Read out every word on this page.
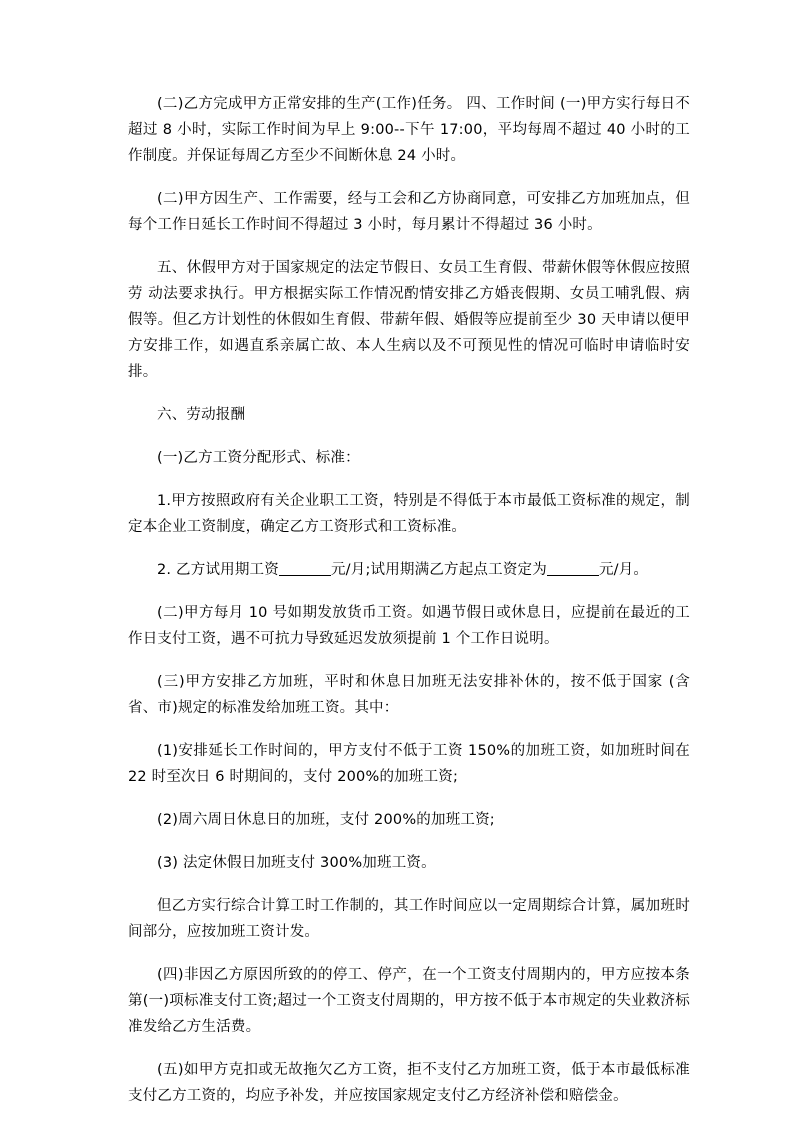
(二)乙方完成甲方正常安排的生产(工作)任务。 四、工作时间 (一)甲方实行每日不超过 8 小时，实际工作时间为早上 9:00--下午 17:00，平均每周不超过 40 小时的工作制度。并保证每周乙方至少不间断休息 24 小时。

(二)甲方因生产、工作需要，经与工会和乙方协商同意，可安排乙方加班加点，但每个工作日延长工作时间不得超过 3 小时，每月累计不得超过 36 小时。

五、休假甲方对于国家规定的法定节假日、女员工生育假、带薪休假等休假应按照劳 动法要求执行。甲方根据实际工作情况酌情安排乙方婚丧假期、女员工哺乳假、病假等。但乙方计划性的休假如生育假、带薪年假、婚假等应提前至少 30 天申请以便甲方安排工作，如遇直系亲属亡故、本人生病以及不可预见性的情况可临时申请临时安排。

六、劳动报酬

(一)乙方工资分配形式、标准：

1.甲方按照政府有关企业职工工资，特别是不得低于本市最低工资标准的规定，制定本企业工资制度，确定乙方工资形式和工资标准。

2. 乙方试用期工资	元/月;试用期满乙方起点工资定为	元/月。

(二)甲方每月 10 号如期发放货币工资。如遇节假日或休息日，应提前在最近的工作日支付工资，遇不可抗力导致延迟发放须提前 1 个工作日说明。

(三)甲方安排乙方加班，平时和休息日加班无法安排补休的，按不低于国家 (含省、市)规定的标准发给加班工资。其中：

(1)安排延长工作时间的，甲方支付不低于工资 150%的加班工资，如加班时间在22 时至次日 6 时期间的，支付 200%的加班工资;

(2)周六周日休息日的加班，支付 200%的加班工资;

(3) 法定休假日加班支付 300%加班工资。

但乙方实行综合计算工时工作制的，其工作时间应以一定周期综合计算，属加班时间部分，应按加班工资计发。

(四)非因乙方原因所致的的停工、停产，在一个工资支付周期内的，甲方应按本条第(一)项标准支付工资;超过一个工资支付周期的，甲方按不低于本市规定的失业救济标准发给乙方生活费。

(五)如甲方克扣或无故拖欠乙方工资，拒不支付乙方加班工资，低于本市最低标准支付乙方工资的，均应予补发，并应按国家规定支付乙方经济补偿和赔偿金。
